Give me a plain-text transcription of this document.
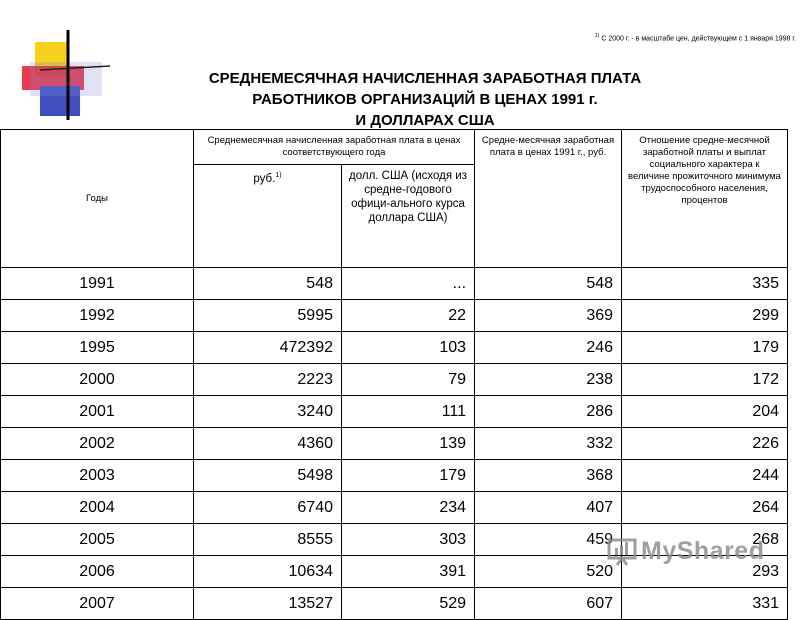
$^{1)}$ С 2000 г. - в масштабе цен, действующем с 1 января 1998 г.
СРЕДНЕМЕСЯЧНАЯ НАЧИСЛЕННАЯ ЗАРАБОТНАЯ ПЛАТА
РАБОТНИКОВ ОРГАНИЗАЦИЙ В ЦЕНАХ 1991 г.
И ДОЛЛАРАХ США
Годы	Среднемесячная начисленная заработная плата в ценах соответствующего года		Средне-месячная заработная плата в ценах 1991 г., руб.	Отношение средне-месячной заработной платы и выплат социального характера к величине прожиточного минимума трудоспособного населения, процентов
	руб.$^{1)}$	долл. США (исходя из средне-годового офици-ального курса доллара США)		
1991	548	...	548	335
1992	5995	22	369	299
1995	472392	103	246	179
2000	2223	79	238	172
2001	3240	111	286	204
2002	4360	139	332	226
2003	5498	179	368	244
2004	6740	234	407	264
2005	8555	303	459	268
2006	10634	391	520	293
2007	13527	529	607	331
MyShared
